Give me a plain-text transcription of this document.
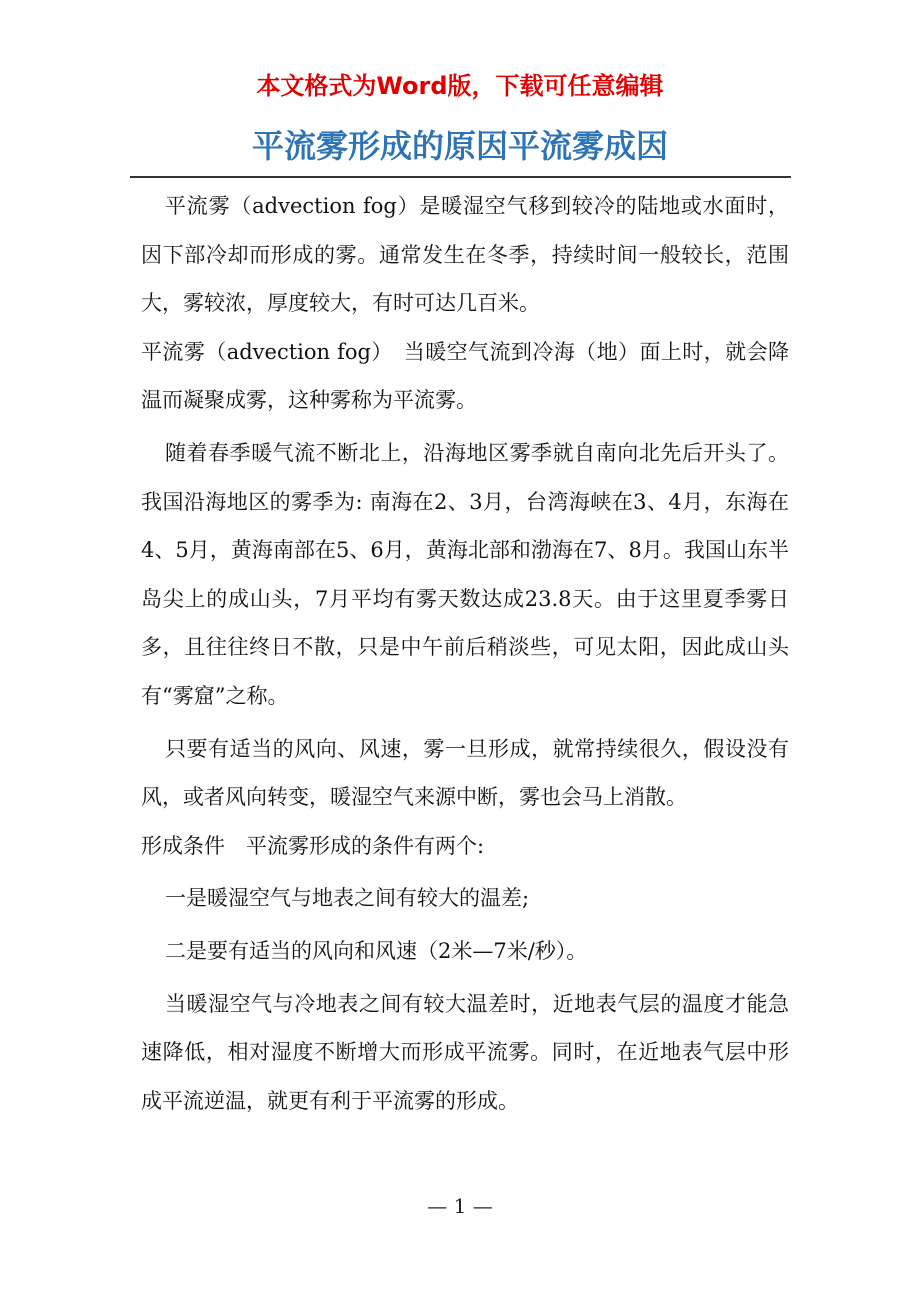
本文格式为Word版，下载可任意编辑
平流雾形成的原因平流雾成因

平流雾（advection fog）是暖湿空气移到较冷的陆地或水面时，因下部冷却而形成的雾。通常发生在冬季，持续时间一般较长，范围大，雾较浓，厚度较大，有时可达几百米。

平流雾（advection fog）　当暖空气流到冷海（地）面上时，就会降温而凝聚成雾，这种雾称为平流雾。

随着春季暖气流不断北上，沿海地区雾季就自南向北先后开头了。我国沿海地区的雾季为: 南海在2、3月，台湾海峡在3、4月，东海在4、5月，黄海南部在5、6月，黄海北部和渤海在7、8月。我国山东半岛尖上的成山头，7月平均有雾天数达成23.8天。由于这里夏季雾日多，且往往终日不散，只是中午前后稍淡些，可见太阳，因此成山头有“雾窟”之称。

只要有适当的风向、风速，雾一旦形成，就常持续很久，假设没有风，或者风向转变，暖湿空气来源中断，雾也会马上消散。

形成条件　平流雾形成的条件有两个:

一是暖湿空气与地表之间有较大的温差;

二是要有适当的风向和风速（2米—7米/秒）。

当暖湿空气与冷地表之间有较大温差时，近地表气层的温度才能急速降低，相对湿度不断增大而形成平流雾。同时，在近地表气层中形成平流逆温，就更有利于平流雾的形成。

— 1 —
